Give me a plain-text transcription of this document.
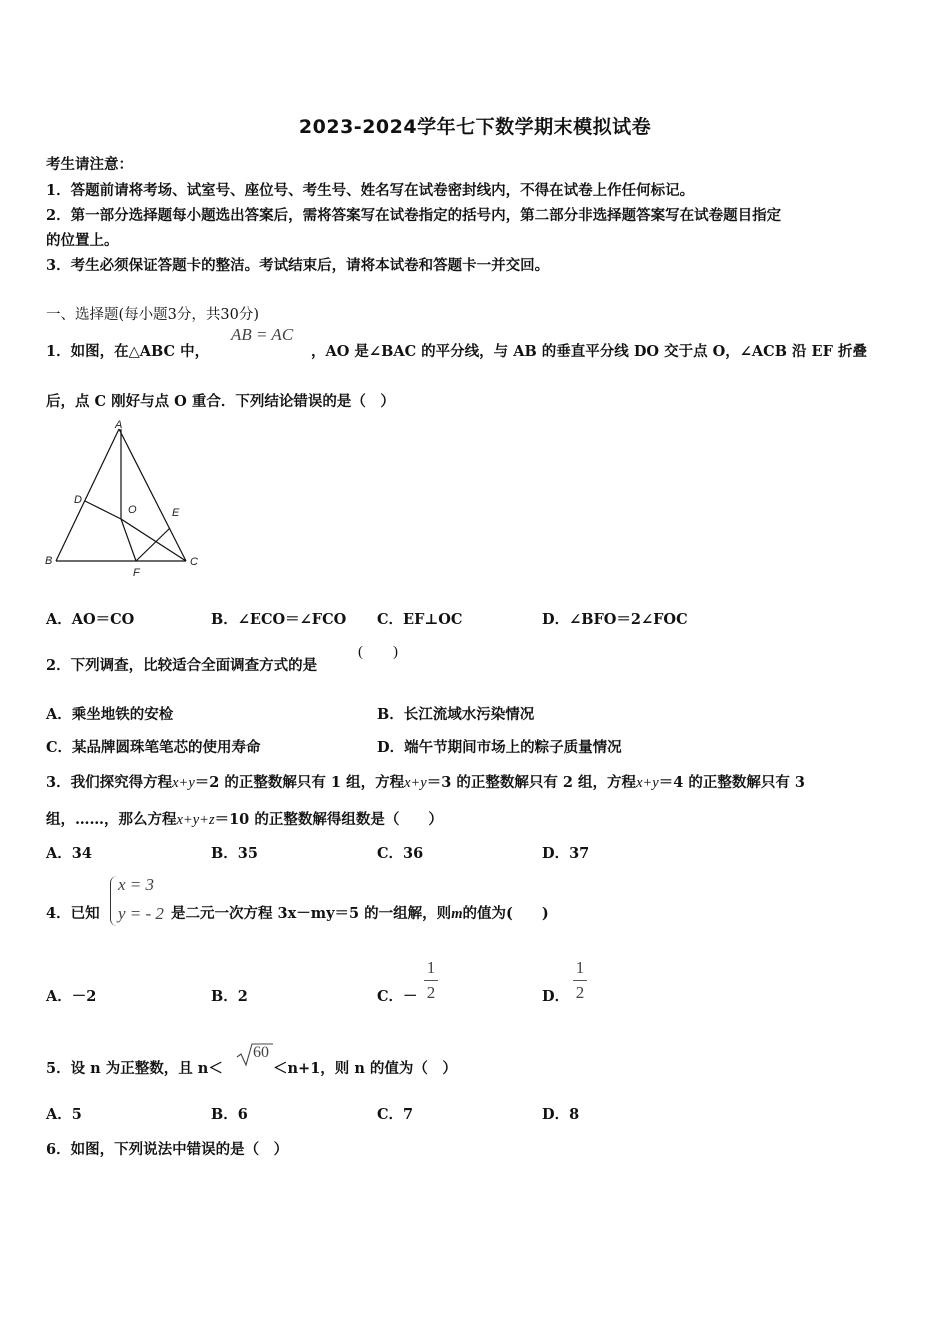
2023-2024学年七下数学期末模拟试卷
考生请注意：
1．答题前请将考场、试室号、座位号、考生号、姓名写在试卷密封线内，不得在试卷上作任何标记。
2．第一部分选择题每小题选出答案后，需将答案写在试卷指定的括号内，第二部分非选择题答案写在试卷题目指定
的位置上。
3．考生必须保证答题卡的整洁。考试结束后，请将本试卷和答题卡一并交回。
一、选择题(每小题3分，共30分)
1．如图，在△ABC 中，
AB = AC
，AO 是∠BAC 的平分线，与 AB 的垂直平分线 DO 交于点 O，∠ACB 沿 EF 折叠
后，点 C 刚好与点 O 重合．下列结论错误的是（　）
A
B	C
D
E
F
O
A．AO＝CO	B．∠ECO＝∠FCO C．EF⊥OC	D．∠BFO＝2∠FOC
2．下列调查，比较适合全面调查方式的是
(　　)
A．乘坐地铁的安检	B．长江流域水污染情况
C．某品牌圆珠笔笔芯的使用寿命	D．端午节期间市场上的粽子质量情况
3．我们探究得方程x+y＝2 的正整数解只有 1 组，方程x+y＝3 的正整数解只有 2 组，方程x+y＝4 的正整数解只有 3
组，……，那么方程x+y+z＝10 的正整数解得组数是（　　）
A．34	B．35	C．36	D．37
4．已知
x = 3
y = - 2 是二元一次方程 3x－my＝5 的一组解，则m的值为(　　)
A．－2	B．2	C．－
1
2	D．
1
2
5．设 n 为正整数，且 n＜
60
＜n+1，则 n 的值为（　）
A．5	B．6	C．7	D．8
6．如图，下列说法中错误的是（　）
